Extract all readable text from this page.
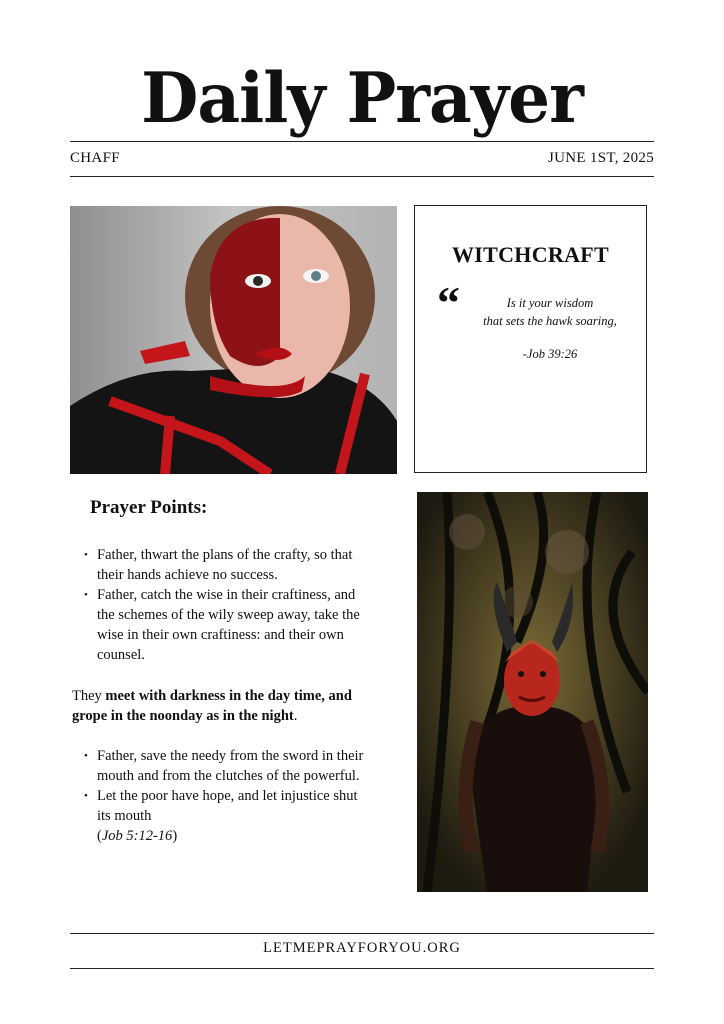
Daily Prayer
CHAFF	JUNE 1ST, 2025
WITCHCRAFT
“	Is it your wisdom
that sets the hawk soaring,
-Job 39:26
Prayer Points:
• Father, thwart the plans of the crafty, so that their hands achieve no success.
• Father, catch the wise in their craftiness, and the schemes of the wily sweep away, take the wise in their own craftiness: and their own counsel.
They meet with darkness in the day time, and grope in the noonday as in the night.
• Father, save the needy from the sword in their mouth and from the clutches of the powerful.
• Let the poor have hope, and let injustice shut its mouth
(Job 5:12-16)
LETMEPRAYFORYOU.ORG
